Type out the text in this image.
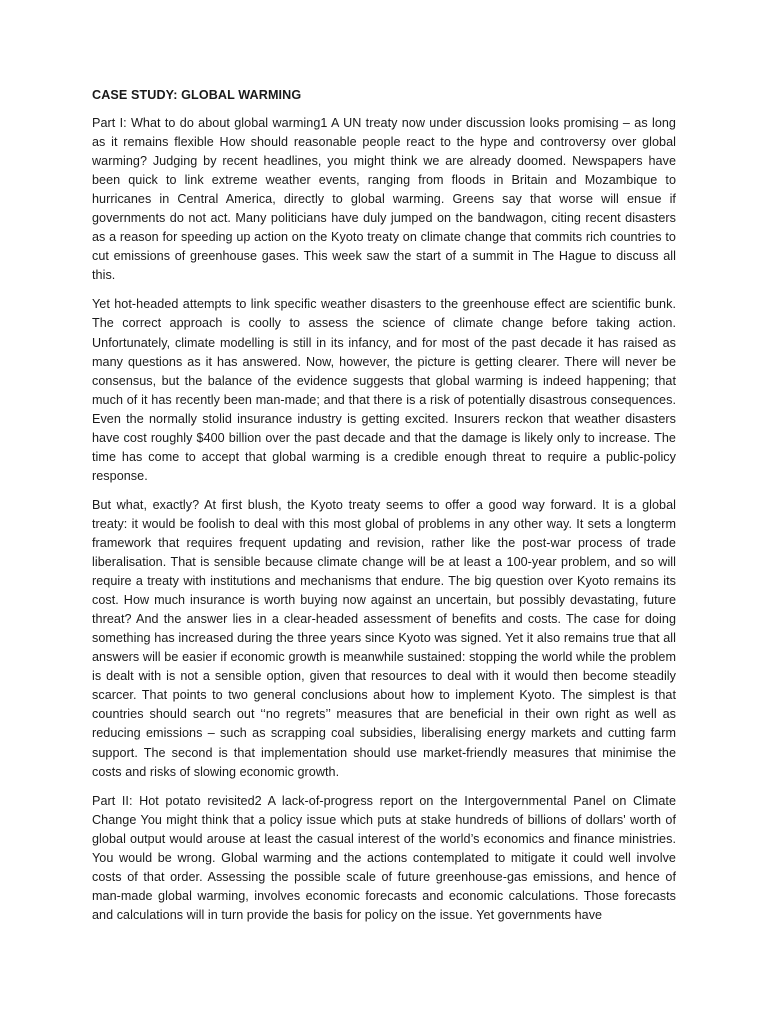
CASE STUDY: GLOBAL WARMING

Part I: What to do about global warming1 A UN treaty now under discussion looks promising – as long as it remains flexible How should reasonable people react to the hype and controversy over global warming? Judging by recent headlines, you might think we are already doomed. Newspapers have been quick to link extreme weather events, ranging from floods in Britain and Mozambique to hurricanes in Central America, directly to global warming. Greens say that worse will ensue if governments do not act. Many politicians have duly jumped on the bandwagon, citing recent disasters as a reason for speeding up action on the Kyoto treaty on climate change that commits rich countries to cut emissions of greenhouse gases. This week saw the start of a summit in The Hague to discuss all this.

Yet hot-headed attempts to link specific weather disasters to the greenhouse effect are scientific bunk. The correct approach is coolly to assess the science of climate change before taking action. Unfortunately, climate modelling is still in its infancy, and for most of the past decade it has raised as many questions as it has answered. Now, however, the picture is getting clearer. There will never be consensus, but the balance of the evidence suggests that global warming is indeed happening; that much of it has recently been man-made; and that there is a risk of potentially disastrous consequences. Even the normally stolid insurance industry is getting excited. Insurers reckon that weather disasters have cost roughly $400 billion over the past decade and that the damage is likely only to increase. The time has come to accept that global warming is a credible enough threat to require a public-policy response.

But what, exactly? At first blush, the Kyoto treaty seems to offer a good way forward. It is a global treaty: it would be foolish to deal with this most global of problems in any other way. It sets a longterm framework that requires frequent updating and revision, rather like the post-war process of trade liberalisation. That is sensible because climate change will be at least a 100-year problem, and so will require a treaty with institutions and mechanisms that endure. The big question over Kyoto remains its cost. How much insurance is worth buying now against an uncertain, but possibly devastating, future threat? And the answer lies in a clear-headed assessment of benefits and costs. The case for doing something has increased during the three years since Kyoto was signed. Yet it also remains true that all answers will be easier if economic growth is meanwhile sustained: stopping the world while the problem is dealt with is not a sensible option, given that resources to deal with it would then become steadily scarcer. That points to two general conclusions about how to implement Kyoto. The simplest is that countries should search out ‘‘no regrets’’ measures that are beneficial in their own right as well as reducing emissions – such as scrapping coal subsidies, liberalising energy markets and cutting farm support. The second is that implementation should use market-friendly measures that minimise the costs and risks of slowing economic growth.

Part II: Hot potato revisited2 A lack-of-progress report on the Intergovernmental Panel on Climate Change You might think that a policy issue which puts at stake hundreds of billions of dollars' worth of global output would arouse at least the casual interest of the world’s economics and finance ministries. You would be wrong. Global warming and the actions contemplated to mitigate it could well involve costs of that order. Assessing the possible scale of future greenhouse-gas emissions, and hence of man-made global warming, involves economic forecasts and economic calculations. Those forecasts and calculations will in turn provide the basis for policy on the issue. Yet governments have
